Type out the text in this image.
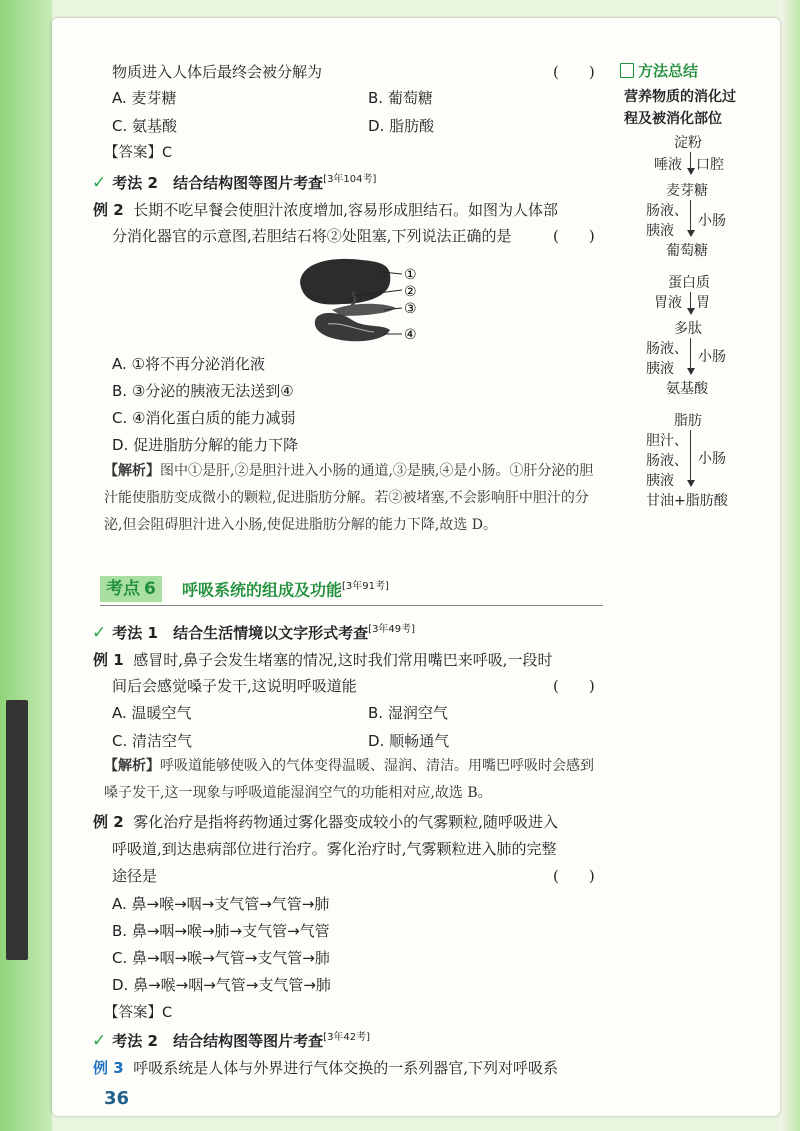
物质进入人体后最终会被分解为	(　　)
A. 麦芽糖	B. 葡萄糖
C. 氨基酸	D. 脂肪酸
【答案】C
✓ 考法 2 结合结构图等图片考查[3年104考]
例 2 长期不吃早餐会使胆汁浓度增加,容易形成胆结石。如图为人体部
分消化器官的示意图,若胆结石将②处阻塞,下列说法正确的是	(　　)
①
②
③
④
A. ①将不再分泌消化液
B. ③分泌的胰液无法送到④
C. ④消化蛋白质的能力减弱
D. 促进脂肪分解的能力下降
【解析】图中①是肝,②是胆汁进入小肠的通道,③是胰,④是小肠。①肝分泌的胆汁能使脂肪变成微小的颗粒,促进脂肪分解。若②被堵塞,不会影响肝中胆汁的分泌,但会阻碍胆汁进入小肠,使促进脂肪分解的能力下降,故选 D。
考点 6	呼吸系统的组成及功能[3年91考]
✓ 考法 1 结合生活情境以文字形式考查[3年49考]
例 1 感冒时,鼻子会发生堵塞的情况,这时我们常用嘴巴来呼吸,一段时
间后会感觉嗓子发干,这说明呼吸道能	(　　)
A. 温暖空气	B. 湿润空气
C. 清洁空气	D. 顺畅通气
【解析】呼吸道能够使吸入的气体变得温暖、湿润、清洁。用嘴巴呼吸时会感到嗓子发干,这一现象与呼吸道能湿润空气的功能相对应,故选 B。
例 2 雾化治疗是指将药物通过雾化器变成较小的气雾颗粒,随呼吸进入
呼吸道,到达患病部位进行治疗。雾化治疗时,气雾颗粒进入肺的完整
途径是	(　　)
A. 鼻→喉→咽→支气管→气管→肺
B. 鼻→咽→喉→肺→支气管→气管
C. 鼻→咽→喉→气管→支气管→肺
D. 鼻→喉→咽→气管→支气管→肺
【答案】C
✓ 考法 2 结合结构图等图片考查[3年42考]
例 3 呼吸系统是人体与外界进行气体交换的一系列器官,下列对呼吸系
36
方法总结
营养物质的消化过
程及被消化部位
淀粉
唾液 口腔
麦芽糖
肠液、
胰液
小肠
葡萄糖
蛋白质
胃液 胃
多肽
肠液、
胰液
小肠
氨基酸
脂肪
胆汁、
肠液、
胰液
小肠
甘油+脂肪酸
